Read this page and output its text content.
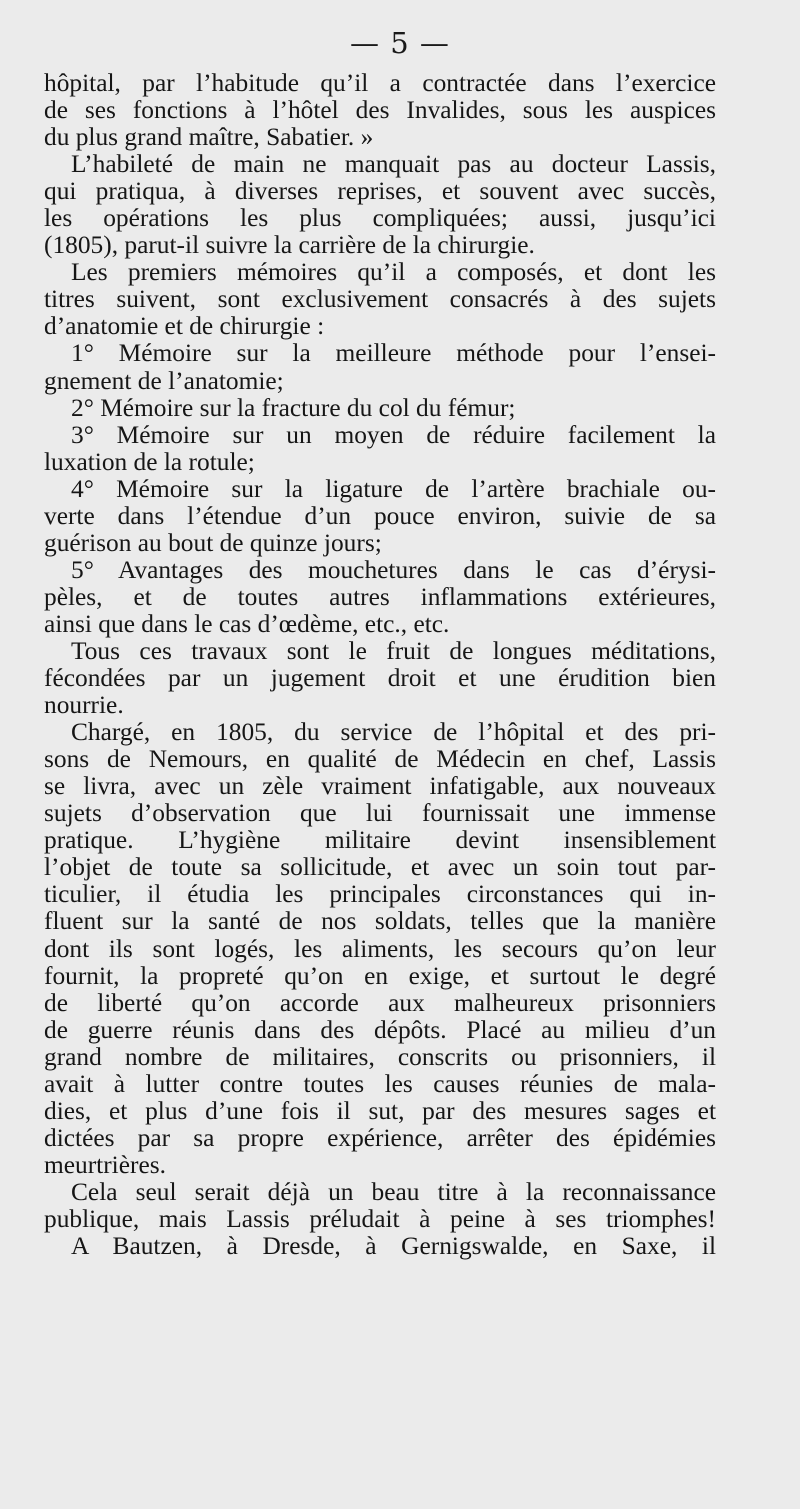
— 5 —
hôpital, par l’habitude qu’il a contractée dans l’exercice
de ses fonctions à l’hôtel des Invalides, sous les auspices
du plus grand maître, Sabatier. »
L’habileté de main ne manquait pas au docteur Lassis,
qui pratiqua, à diverses reprises, et souvent avec succès,
les opérations les plus compliquées; aussi, jusqu’ici
(1805), parut-il suivre la carrière de la chirurgie.
Les premiers mémoires qu’il a composés, et dont les
titres suivent, sont exclusivement consacrés à des sujets
d’anatomie et de chirurgie :
1° Mémoire sur la meilleure méthode pour l’ensei-
gnement de l’anatomie;
2° Mémoire sur la fracture du col du fémur;
3° Mémoire sur un moyen de réduire facilement la
luxation de la rotule;
4° Mémoire sur la ligature de l’artère brachiale ou-
verte dans l’étendue d’un pouce environ, suivie de sa
guérison au bout de quinze jours;
5° Avantages des mouchetures dans le cas d’érysi-
pèles, et de toutes autres inflammations extérieures,
ainsi que dans le cas d’œdème, etc., etc.
Tous ces travaux sont le fruit de longues méditations,
fécondées par un jugement droit et une érudition bien
nourrie.
Chargé, en 1805, du service de l’hôpital et des pri-
sons de Nemours, en qualité de Médecin en chef, Lassis
se livra, avec un zèle vraiment infatigable, aux nouveaux
sujets d’observation que lui fournissait une immense
pratique. L’hygiène militaire devint insensiblement
l’objet de toute sa sollicitude, et avec un soin tout par-
ticulier, il étudia les principales circonstances qui in-
fluent sur la santé de nos soldats, telles que la manière
dont ils sont logés, les aliments, les secours qu’on leur
fournit, la propreté qu’on en exige, et surtout le degré
de liberté qu’on accorde aux malheureux prisonniers
de guerre réunis dans des dépôts. Placé au milieu d’un
grand nombre de militaires, conscrits ou prisonniers, il
avait à lutter contre toutes les causes réunies de mala-
dies, et plus d’une fois il sut, par des mesures sages et
dictées par sa propre expérience, arrêter des épidémies
meurtrières.
Cela seul serait déjà un beau titre à la reconnaissance
publique, mais Lassis préludait à peine à ses triomphes!
A Bautzen, à Dresde, à Gernigswalde, en Saxe, il
